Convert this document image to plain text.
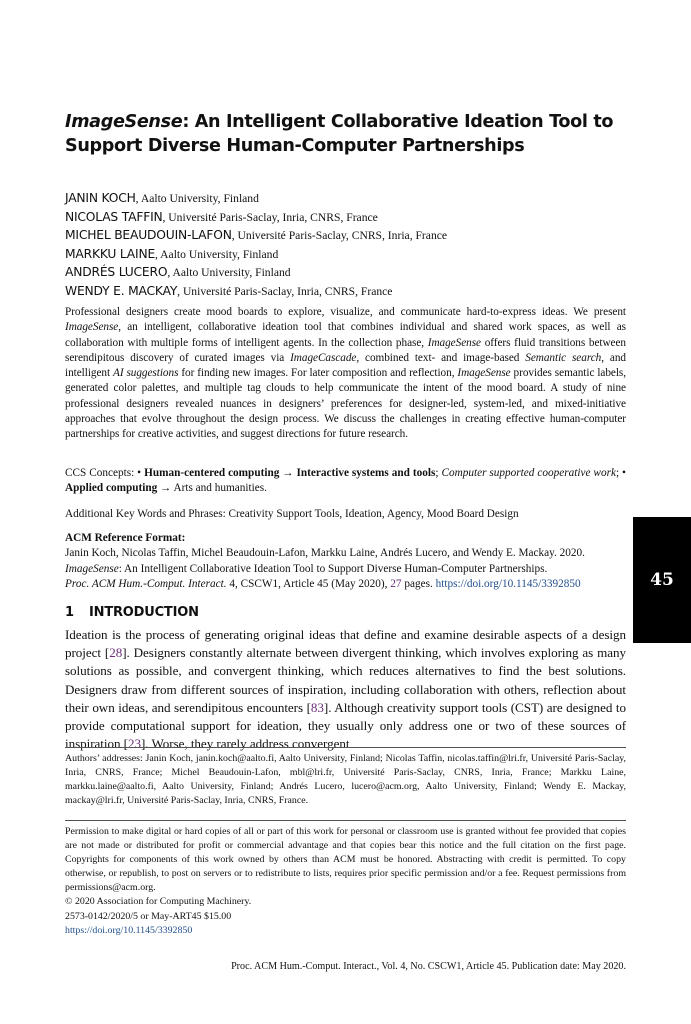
ImageSense: An Intelligent Collaborative Ideation Tool to
Support Diverse Human-Computer Partnerships
JANIN KOCH, Aalto University, Finland
NICOLAS TAFFIN, Université Paris-Saclay, Inria, CNRS, France
MICHEL BEAUDOUIN-LAFON, Université Paris-Saclay, CNRS, Inria, France
MARKKU LAINE, Aalto University, Finland
ANDRÉS LUCERO, Aalto University, Finland
WENDY E. MACKAY, Université Paris-Saclay, Inria, CNRS, France

Professional designers create mood boards to explore, visualize, and communicate hard-to-express ideas. We present ImageSense, an intelligent, collaborative ideation tool that combines individual and shared work spaces, as well as collaboration with multiple forms of intelligent agents. In the collection phase, ImageSense offers fluid transitions between serendipitous discovery of curated images via ImageCascade, combined text- and image-based Semantic search, and intelligent AI suggestions for finding new images. For later composition and reflection, ImageSense provides semantic labels, generated color palettes, and multiple tag clouds to help communicate the intent of the mood board. A study of nine professional designers revealed nuances in designers’ preferences for designer-led, system-led, and mixed-initiative approaches that evolve throughout the design process. We discuss the challenges in creating effective human-computer partnerships for creative activities, and suggest directions for future research.

CCS Concepts: • Human-centered computing → Interactive systems and tools; Computer supported cooperative work; • Applied computing → Arts and humanities.

Additional Key Words and Phrases: Creativity Support Tools, Ideation, Agency, Mood Board Design

ACM Reference Format:
Janin Koch, Nicolas Taffin, Michel Beaudouin-Lafon, Markku Laine, Andrés Lucero, and Wendy E. Mackay. 2020.
ImageSense: An Intelligent Collaborative Ideation Tool to Support Diverse Human-Computer Partnerships.
Proc. ACM Hum.-Comput. Interact. 4, CSCW1, Article 45 (May 2020), 27 pages. https://doi.org/10.1145/3392850
1 INTRODUCTION

Ideation is the process of generating original ideas that define and examine desirable aspects of a design project [28]. Designers constantly alternate between divergent thinking, which involves exploring as many solutions as possible, and convergent thinking, which reduces alternatives to find the best solutions. Designers draw from different sources of inspiration, including collaboration with others, reflection about their own ideas, and serendipitous encounters [83]. Although creativity support tools (CST) are designed to provide computational support for ideation, they usually only address one or two of these sources of inspiration [23]. Worse, they rarely address convergent

Authors’ addresses: Janin Koch, janin.koch@aalto.fi, Aalto University, Finland; Nicolas Taffin, nicolas.taffin@lri.fr, Université Paris-Saclay, Inria, CNRS, France; Michel Beaudouin-Lafon, mbl@lri.fr, Université Paris-Saclay, CNRS, Inria, France; Markku Laine, markku.laine@aalto.fi, Aalto University, Finland; Andrés Lucero, lucero@acm.org, Aalto University, Finland; Wendy E. Mackay, mackay@lri.fr, Université Paris-Saclay, Inria, CNRS, France.

Permission to make digital or hard copies of all or part of this work for personal or classroom use is granted without fee provided that copies are not made or distributed for profit or commercial advantage and that copies bear this notice and the full citation on the first page. Copyrights for components of this work owned by others than ACM must be honored. Abstracting with credit is permitted. To copy otherwise, or republish, to post on servers or to redistribute to lists, requires prior specific permission and/or a fee. Request permissions from permissions@acm.org.
© 2020 Association for Computing Machinery.
2573-0142/2020/5 or May-ART45 $15.00
https://doi.org/10.1145/3392850
Proc. ACM Hum.-Comput. Interact., Vol. 4, No. CSCW1, Article 45. Publication date: May 2020.
45
